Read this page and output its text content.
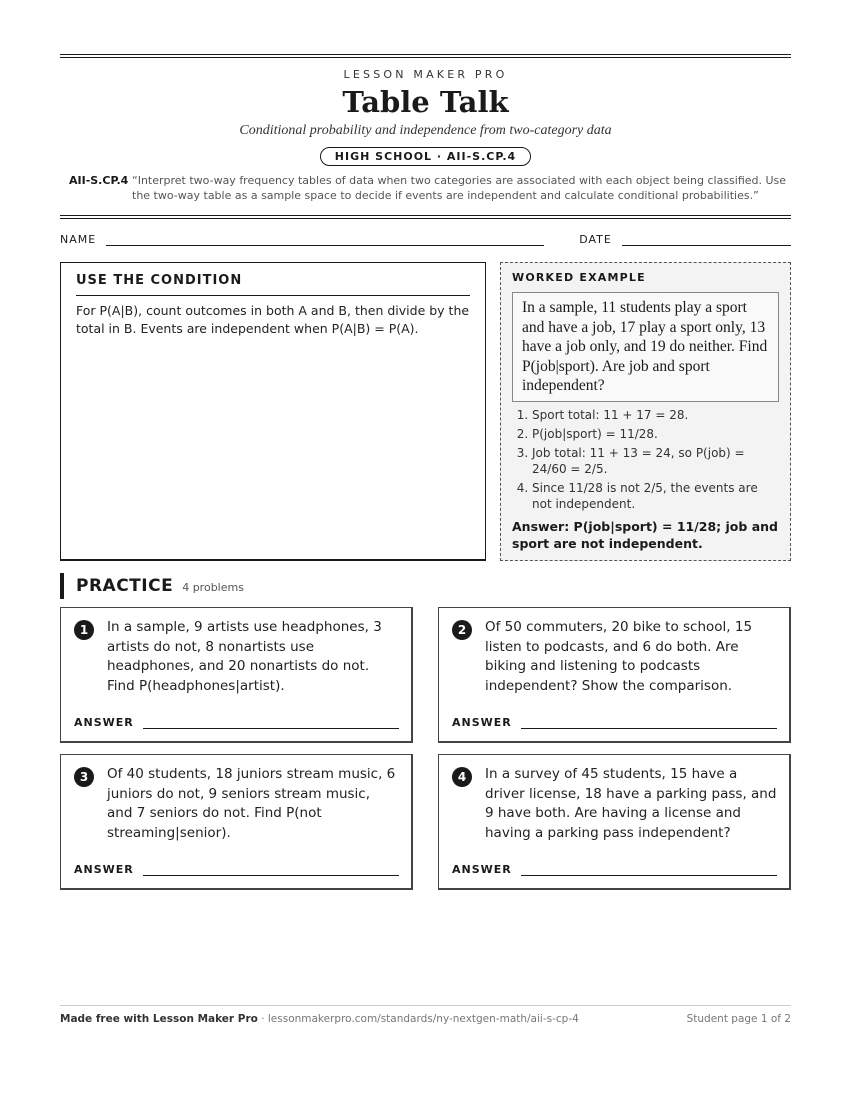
LESSON MAKER PRO
Table Talk
Conditional probability and independence from two-category data
HIGH SCHOOL · AII-S.CP.4
AII-S.CP.4 “Interpret two-way frequency tables of data when two categories are associated with each object being classified. Use the two-way table as a sample space to decide if events are independent and calculate conditional probabilities.”
NAME	DATE
USE THE CONDITION

For P(A|B), count outcomes in both A and B, then divide by the total in B. Events are independent when P(A|B) = P(A).

WORKED EXAMPLE
In a sample, 11 students play a sport and have a job, 17 play a sport only, 13 have a job only, and 19 do neither. Find P(job|sport). Are job and sport independent?
1. Sport total: 11 + 17 = 28.
2. P(job|sport) = 11/28.
3. Job total: 11 + 13 = 24, so P(job) = 24/60 = 2/5.
4. Since 11/28 is not 2/5, the events are not independent.
Answer: P(job|sport) = 11/28; job and sport are not independent.
PRACTICE 4 problems
1	In a sample, 9 artists use headphones, 3 artists do not, 8 nonartists use headphones, and 20 nonartists do not. Find P(headphones|artist).
ANSWER
2	Of 50 commuters, 20 bike to school, 15 listen to podcasts, and 6 do both. Are biking and listening to podcasts independent? Show the comparison.
ANSWER
3	Of 40 students, 18 juniors stream music, 6 juniors do not, 9 seniors stream music, and 7 seniors do not. Find P(not streaming|senior).
ANSWER
4	In a survey of 45 students, 15 have a driver license, 18 have a parking pass, and 9 have both. Are having a license and having a parking pass independent?
ANSWER
Made free with Lesson Maker Pro · lessonmakerpro.com/standards/ny-nextgen-math/aii-s-cp-4	Student page 1 of 2
